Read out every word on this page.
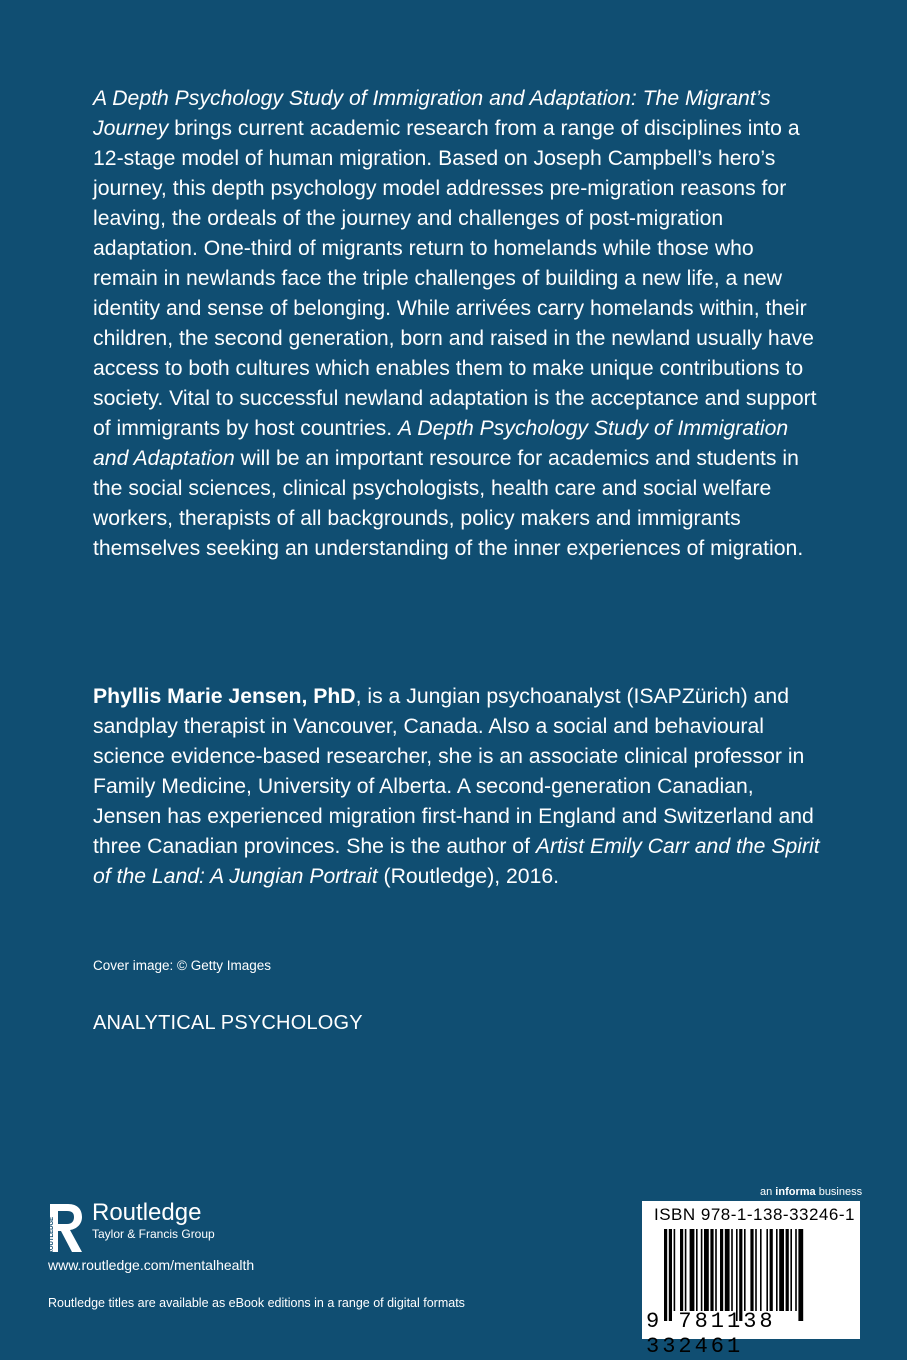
A Depth Psychology Study of Immigration and Adaptation: The Migrant’s Journey brings current academic research from a range of disciplines into a 12-stage model of human migration. Based on Joseph Campbell’s hero’s journey, this depth psychology model addresses pre-migration reasons for leaving, the ordeals of the journey and challenges of post-migration adaptation. One-third of migrants return to homelands while those who remain in newlands face the triple challenges of building a new life, a new identity and sense of belonging. While arrivées carry homelands within, their children, the second generation, born and raised in the newland usually have access to both cultures which enables them to make unique contributions to society. Vital to successful newland adaptation is the acceptance and support of immigrants by host countries. A Depth Psychology Study of Immigration and Adaptation will be an important resource for academics and students in the social sciences, clinical psychologists, health care and social welfare workers, therapists of all backgrounds, policy makers and immigrants themselves seeking an understanding of the inner experiences of migration.

Phyllis Marie Jensen, PhD, is a Jungian psychoanalyst (ISAPZürich) and sandplay therapist in Vancouver, Canada. Also a social and behavioural science evidence-based researcher, she is an associate clinical professor in Family Medicine, University of Alberta. A second-generation Canadian, Jensen has experienced migration first-hand in England and Switzerland and three Canadian provinces. She is the author of Artist Emily Carr and the Spirit of the Land: A Jungian Portrait (Routledge), 2016.

Cover image: © Getty Images
ANALYTICAL PSYCHOLOGY
ROUTLEDGE
Routledge
Taylor & Francis Group
www.routledge.com/mentalhealth
Routledge titles are available as eBook editions in a range of digital formats
an informa business
ISBN 978-1-138-33246-1
9 781138 332461
